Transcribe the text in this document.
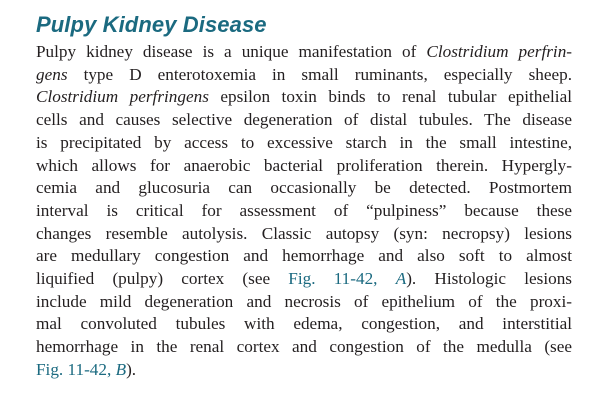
Pulpy Kidney Disease

Pulpy kidney disease is a unique manifestation of Clostridium perfrin-
gens type D enterotoxemia in small ruminants, especially sheep.
Clostridium perfringens epsilon toxin binds to renal tubular epithelial
cells and causes selective degeneration of distal tubules. The disease
is precipitated by access to excessive starch in the small intestine,
which allows for anaerobic bacterial proliferation therein. Hypergly-
cemia and glucosuria can occasionally be detected. Postmortem
interval is critical for assessment of “pulpiness” because these
changes resemble autolysis. Classic autopsy (syn: necropsy) lesions
are medullary congestion and hemorrhage and also soft to almost
liquified (pulpy) cortex (see Fig. 11-42, A). Histologic lesions
include mild degeneration and necrosis of epithelium of the proxi-
mal convoluted tubules with edema, congestion, and interstitial
hemorrhage in the renal cortex and congestion of the medulla (see
Fig. 11-42, B).
